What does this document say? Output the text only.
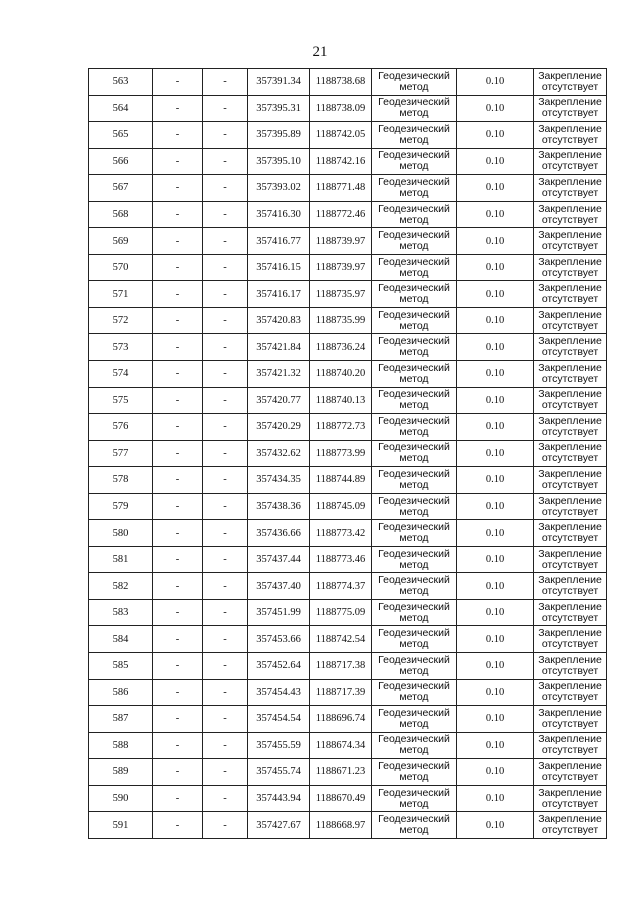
21
563	-	-	357391.34	1188738.68	Геодезический метод	0.10	Закрепление отсутствует
564	-	-	357395.31	1188738.09	Геодезический метод	0.10	Закрепление отсутствует
565	-	-	357395.89	1188742.05	Геодезический метод	0.10	Закрепление отсутствует
566	-	-	357395.10	1188742.16	Геодезический метод	0.10	Закрепление отсутствует
567	-	-	357393.02	1188771.48	Геодезический метод	0.10	Закрепление отсутствует
568	-	-	357416.30	1188772.46	Геодезический метод	0.10	Закрепление отсутствует
569	-	-	357416.77	1188739.97	Геодезический метод	0.10	Закрепление отсутствует
570	-	-	357416.15	1188739.97	Геодезический метод	0.10	Закрепление отсутствует
571	-	-	357416.17	1188735.97	Геодезический метод	0.10	Закрепление отсутствует
572	-	-	357420.83	1188735.99	Геодезический метод	0.10	Закрепление отсутствует
573	-	-	357421.84	1188736.24	Геодезический метод	0.10	Закрепление отсутствует
574	-	-	357421.32	1188740.20	Геодезический метод	0.10	Закрепление отсутствует
575	-	-	357420.77	1188740.13	Геодезический метод	0.10	Закрепление отсутствует
576	-	-	357420.29	1188772.73	Геодезический метод	0.10	Закрепление отсутствует
577	-	-	357432.62	1188773.99	Геодезический метод	0.10	Закрепление отсутствует
578	-	-	357434.35	1188744.89	Геодезический метод	0.10	Закрепление отсутствует
579	-	-	357438.36	1188745.09	Геодезический метод	0.10	Закрепление отсутствует
580	-	-	357436.66	1188773.42	Геодезический метод	0.10	Закрепление отсутствует
581	-	-	357437.44	1188773.46	Геодезический метод	0.10	Закрепление отсутствует
582	-	-	357437.40	1188774.37	Геодезический метод	0.10	Закрепление отсутствует
583	-	-	357451.99	1188775.09	Геодезический метод	0.10	Закрепление отсутствует
584	-	-	357453.66	1188742.54	Геодезический метод	0.10	Закрепление отсутствует
585	-	-	357452.64	1188717.38	Геодезический метод	0.10	Закрепление отсутствует
586	-	-	357454.43	1188717.39	Геодезический метод	0.10	Закрепление отсутствует
587	-	-	357454.54	1188696.74	Геодезический метод	0.10	Закрепление отсутствует
588	-	-	357455.59	1188674.34	Геодезический метод	0.10	Закрепление отсутствует
589	-	-	357455.74	1188671.23	Геодезический метод	0.10	Закрепление отсутствует
590	-	-	357443.94	1188670.49	Геодезический метод	0.10	Закрепление отсутствует
591	-	-	357427.67	1188668.97	Геодезический метод	0.10	Закрепление отсутствует
